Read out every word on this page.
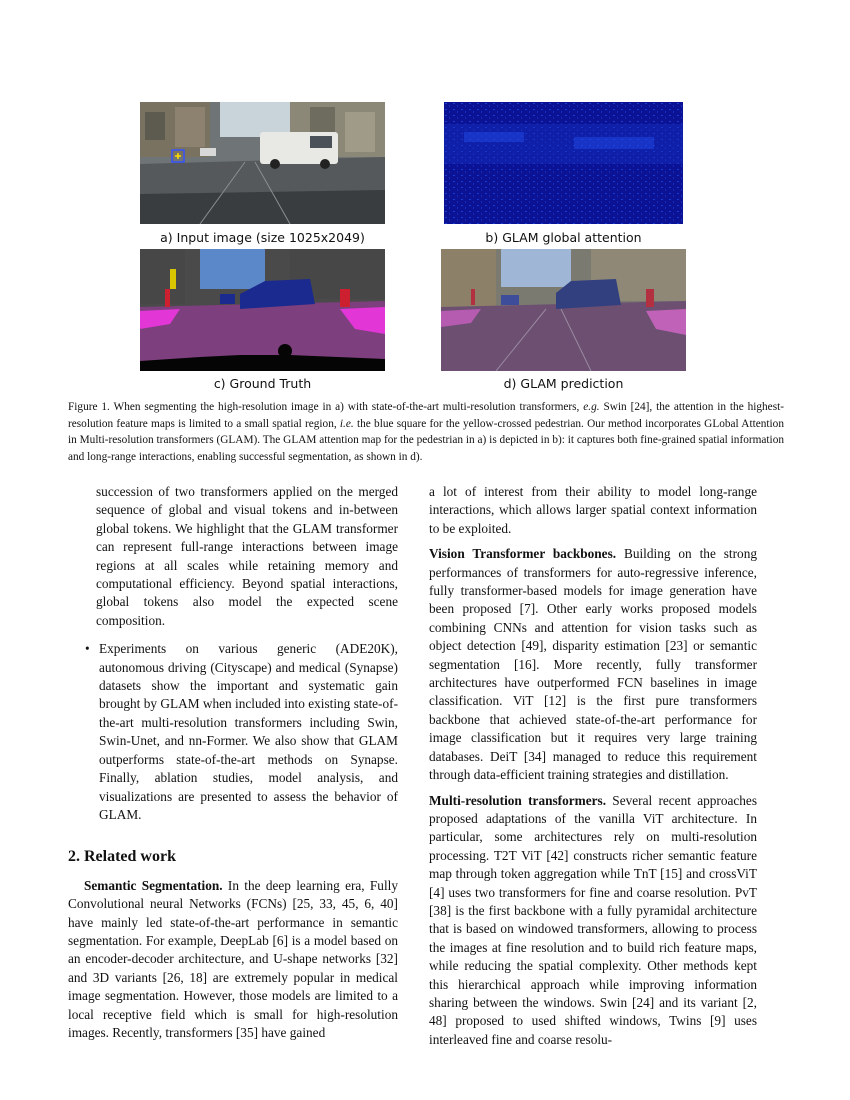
a) Input image (size 1025x2049)	b) GLAM global attention
c) Ground Truth	d) GLAM prediction
Figure 1. When segmenting the high-resolution image in a) with state-of-the-art multi-resolution transformers, e.g. Swin [24], the attention in the highest-resolution feature maps is limited to a small spatial region, i.e. the blue square for the yellow-crossed pedestrian. Our method incorporates GLobal Attention in Multi-resolution transformers (GLAM). The GLAM attention map for the pedestrian in a) is depicted in b): it captures both fine-grained spatial information and long-range interactions, enabling successful segmentation, as shown in d).

succession of two transformers applied on the merged sequence of global and visual tokens and in-between global tokens. We highlight that the GLAM transformer can represent full-range interactions between image regions at all scales while retaining memory and computational efficiency. Beyond spatial interactions, global tokens also model the expected scene composition.

• Experiments on various generic (ADE20K), autonomous driving (Cityscape) and medical (Synapse) datasets show the important and systematic gain brought by GLAM when included into existing state-of-the-art multi-resolution transformers including Swin, Swin-Unet, and nn-Former. We also show that GLAM outperforms state-of-the-art methods on Synapse. Finally, ablation studies, model analysis, and visualizations are presented to assess the behavior of GLAM.

2. Related work

Semantic Segmentation. In the deep learning era, Fully Convolutional neural Networks (FCNs) [25, 33, 45, 6, 40] have mainly led state-of-the-art performance in semantic segmentation. For example, DeepLab [6] is a model based on an encoder-decoder architecture, and U-shape networks [32] and 3D variants [26, 18] are extremely popular in medical image segmentation. However, those models are limited to a local receptive field which is small for high-resolution images. Recently, transformers [35] have gained

a lot of interest from their ability to model long-range interactions, which allows larger spatial context information to be exploited.

Vision Transformer backbones. Building on the strong performances of transformers for auto-regressive inference, fully transformer-based models for image generation have been proposed [7]. Other early works proposed models combining CNNs and attention for vision tasks such as object detection [49], disparity estimation [23] or semantic segmentation [16]. More recently, fully transformer architectures have outperformed FCN baselines in image classification. ViT [12] is the first pure transformers backbone that achieved state-of-the-art performance for image classification but it requires very large training databases. DeiT [34] managed to reduce this requirement through data-efficient training strategies and distillation.

Multi-resolution transformers. Several recent approaches proposed adaptations of the vanilla ViT architecture. In particular, some architectures rely on multi-resolution processing. T2T ViT [42] constructs richer semantic feature map through token aggregation while TnT [15] and crossViT [4] uses two transformers for fine and coarse resolution. PvT [38] is the first backbone with a fully pyramidal architecture that is based on windowed transformers, allowing to process the images at fine resolution and to build rich feature maps, while reducing the spatial complexity. Other methods kept this hierarchical approach while improving information sharing between the windows. Swin [24] and its variant [2, 48] proposed to used shifted windows, Twins [9] uses interleaved fine and coarse resolu-
